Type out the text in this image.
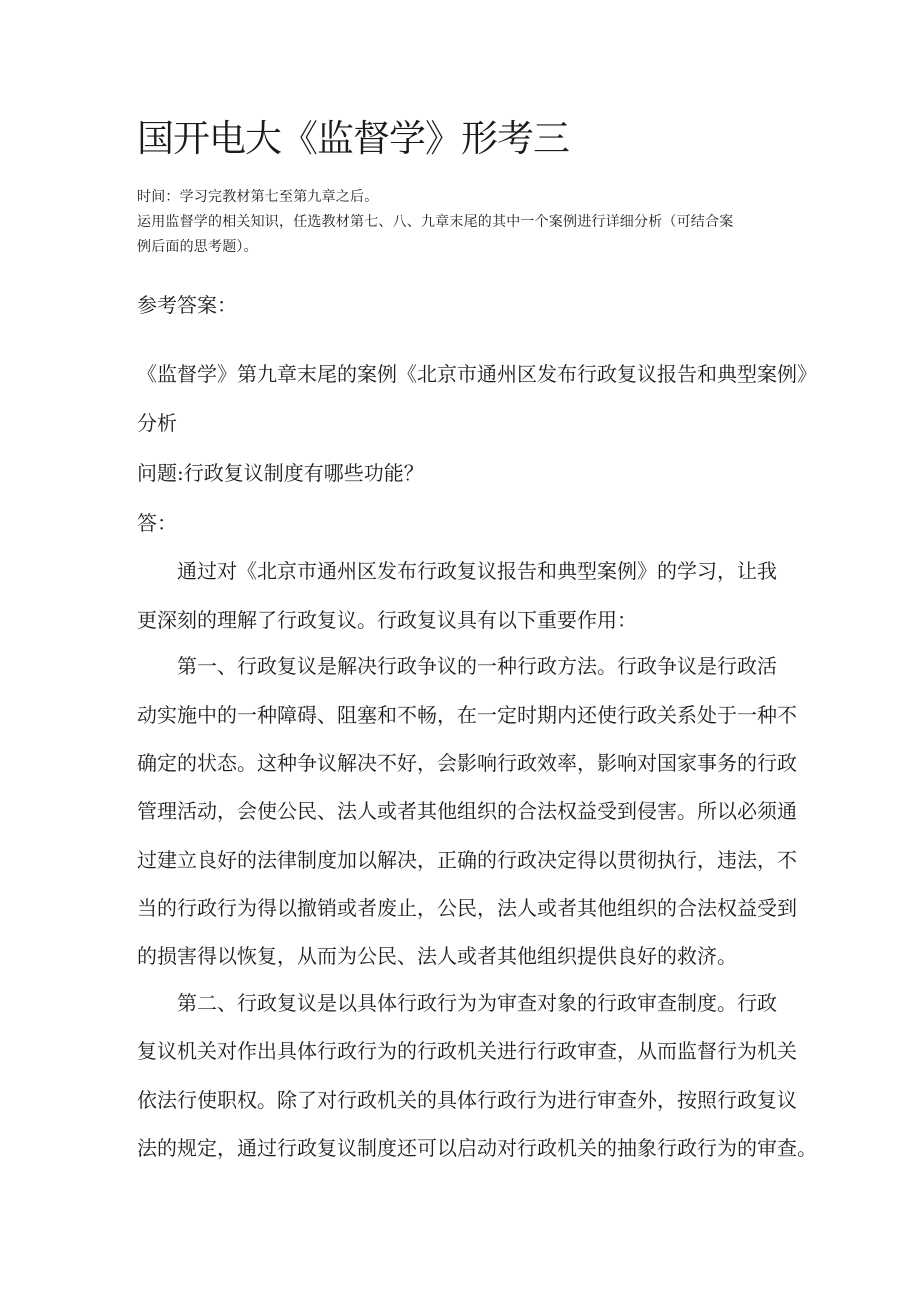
国开电大《监督学》形考三
时间：学习完教材第七至第九章之后。
运用监督学的相关知识，任选教材第七、八、九章末尾的其中一个案例进行详细分析（可结合案
例后面的思考题）。
参考答案：
《监督学》第九章末尾的案例《北京市通州区发布行政复议报告和典型案例》
分析
问题:行政复议制度有哪些功能？
答：
通过对《北京市通州区发布行政复议报告和典型案例》的学习，让我
更深刻的理解了行政复议。行政复议具有以下重要作用：
第一、行政复议是解决行政争议的一种行政方法。行政争议是行政活
动实施中的一种障碍、阻塞和不畅，在一定时期内还使行政关系处于一种不
确定的状态。这种争议解决不好，会影响行政效率，影响对国家事务的行政
管理活动，会使公民、法人或者其他组织的合法权益受到侵害。所以必须通
过建立良好的法律制度加以解决，正确的行政决定得以贯彻执行，违法，不
当的行政行为得以撤销或者废止，公民，法人或者其他组织的合法权益受到
的损害得以恢复，从而为公民、法人或者其他组织提供良好的救济。
第二、行政复议是以具体行政行为为审查对象的行政审查制度。行政
复议机关对作出具体行政行为的行政机关进行行政审查，从而监督行为机关
依法行使职权。除了对行政机关的具体行政行为进行审查外，按照行政复议
法的规定，通过行政复议制度还可以启动对行政机关的抽象行政行为的审查。
